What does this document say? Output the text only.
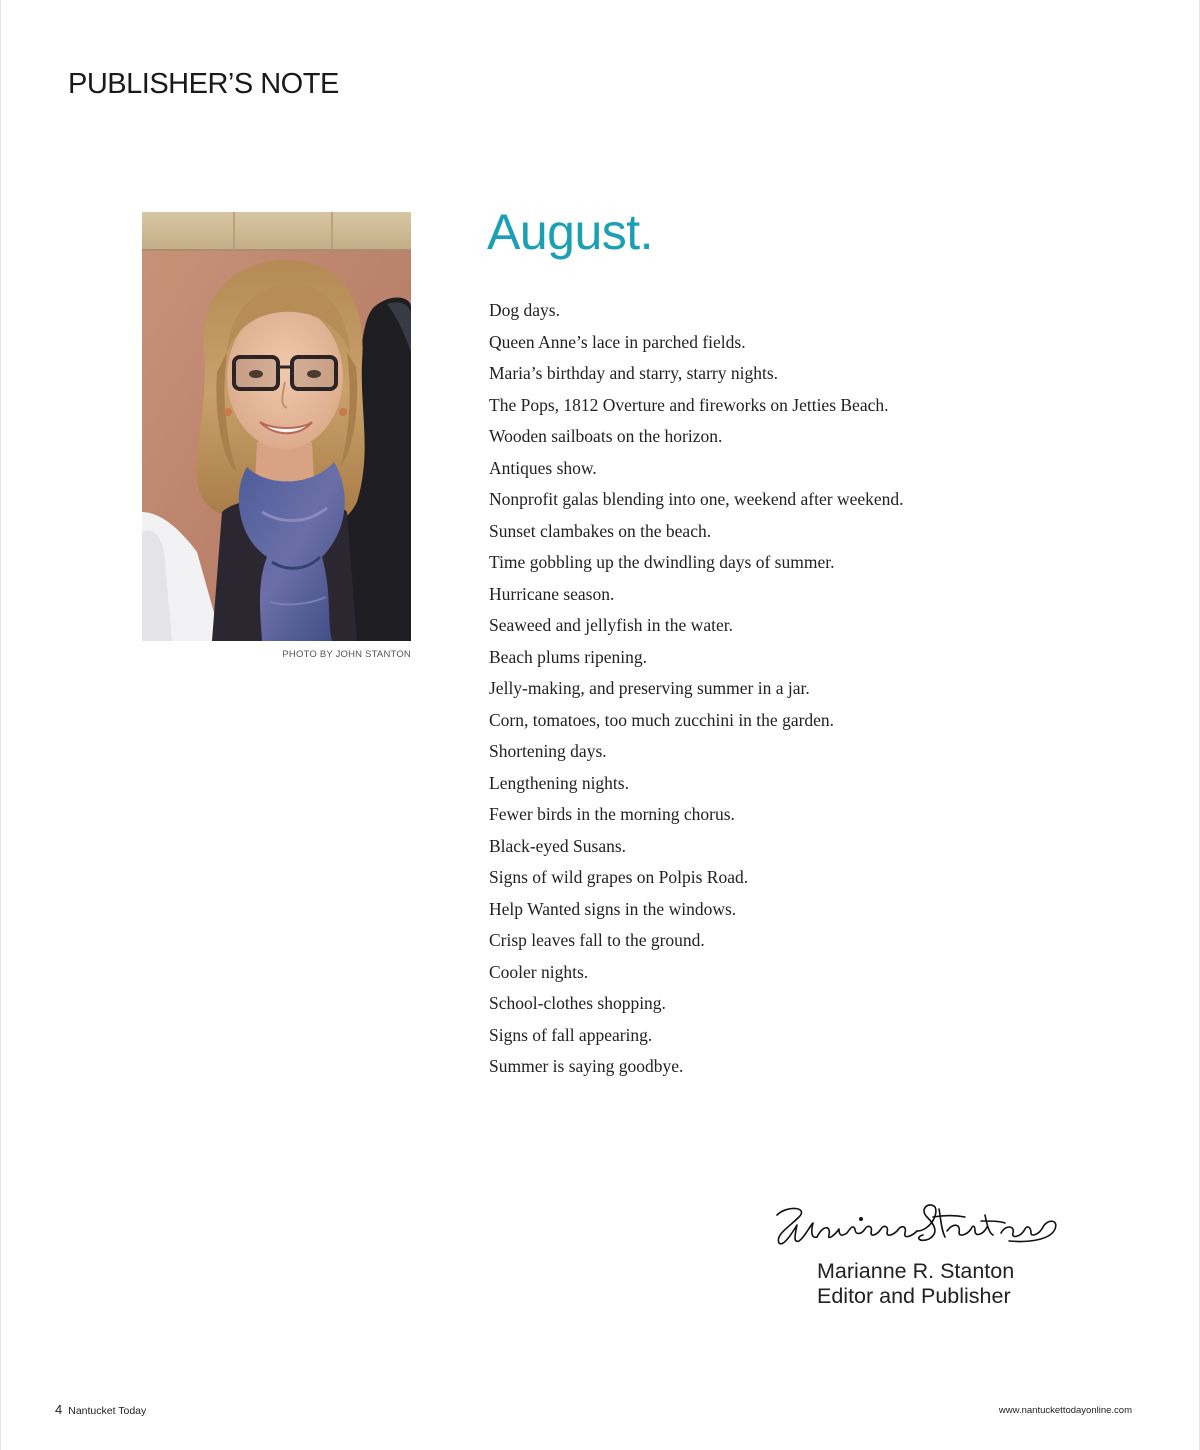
PUBLISHER’S NOTE
PHOTO BY JOHN STANTON
August.
Dog days.
Queen Anne’s lace in parched fields.
Maria’s birthday and starry, starry nights.
The Pops, 1812 Overture and fireworks on Jetties Beach.
Wooden sailboats on the horizon.
Antiques show.
Nonprofit galas blending into one, weekend after weekend.
Sunset clambakes on the beach.
Time gobbling up the dwindling days of summer.
Hurricane season.
Seaweed and jellyfish in the water.
Beach plums ripening.
Jelly-making, and preserving summer in a jar.
Corn, tomatoes, too much zucchini in the garden.
Shortening days.
Lengthening nights.
Fewer birds in the morning chorus.
Black-eyed Susans.
Signs of wild grapes on Polpis Road.
Help Wanted signs in the windows.
Crisp leaves fall to the ground.
Cooler nights.
School-clothes shopping.
Signs of fall appearing.
Summer is saying goodbye.
Marianne R. Stanton
Editor and Publisher
4 Nantucket Today	www.nantuckettodayonline.com
